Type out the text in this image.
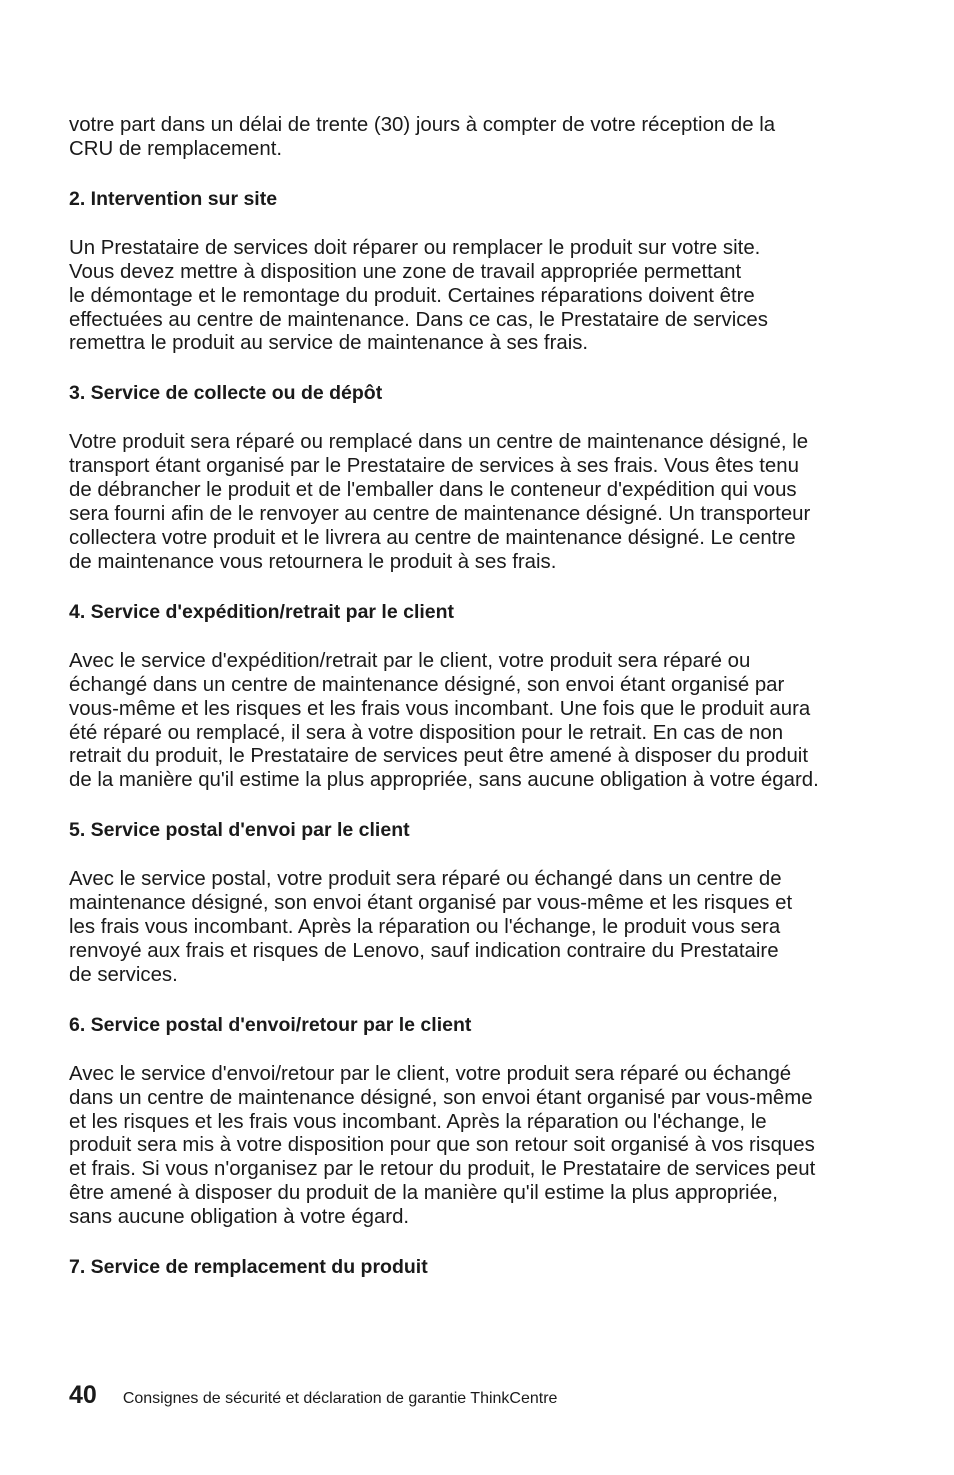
votre part dans un délai de trente (30) jours à compter de votre réception de la
CRU de remplacement.

2. Intervention sur site

Un Prestataire de services doit réparer ou remplacer le produit sur votre site.
Vous devez mettre à disposition une zone de travail appropriée permettant
le démontage et le remontage du produit. Certaines réparations doivent être
effectuées au centre de maintenance. Dans ce cas, le Prestataire de services
remettra le produit au service de maintenance à ses frais.

3. Service de collecte ou de dépôt

Votre produit sera réparé ou remplacé dans un centre de maintenance désigné, le
transport étant organisé par le Prestataire de services à ses frais. Vous êtes tenu
de débrancher le produit et de l'emballer dans le conteneur d'expédition qui vous
sera fourni afin de le renvoyer au centre de maintenance désigné. Un transporteur
collectera votre produit et le livrera au centre de maintenance désigné. Le centre
de maintenance vous retournera le produit à ses frais.

4. Service d'expédition/retrait par le client

Avec le service d'expédition/retrait par le client, votre produit sera réparé ou
échangé dans un centre de maintenance désigné, son envoi étant organisé par
vous-même et les risques et les frais vous incombant. Une fois que le produit aura
été réparé ou remplacé, il sera à votre disposition pour le retrait. En cas de non
retrait du produit, le Prestataire de services peut être amené à disposer du produit
de la manière qu'il estime la plus appropriée, sans aucune obligation à votre égard.

5. Service postal d'envoi par le client

Avec le service postal, votre produit sera réparé ou échangé dans un centre de
maintenance désigné, son envoi étant organisé par vous-même et les risques et
les frais vous incombant. Après la réparation ou l'échange, le produit vous sera
renvoyé aux frais et risques de Lenovo, sauf indication contraire du Prestataire
de services.

6. Service postal d'envoi/retour par le client

Avec le service d'envoi/retour par le client, votre produit sera réparé ou échangé
dans un centre de maintenance désigné, son envoi étant organisé par vous-même
et les risques et les frais vous incombant. Après la réparation ou l'échange, le
produit sera mis à votre disposition pour que son retour soit organisé à vos risques
et frais. Si vous n'organisez par le retour du produit, le Prestataire de services peut
être amené à disposer du produit de la manière qu'il estime la plus appropriée,
sans aucune obligation à votre égard.

7. Service de remplacement du produit
40 Consignes de sécurité et déclaration de garantie ThinkCentre
